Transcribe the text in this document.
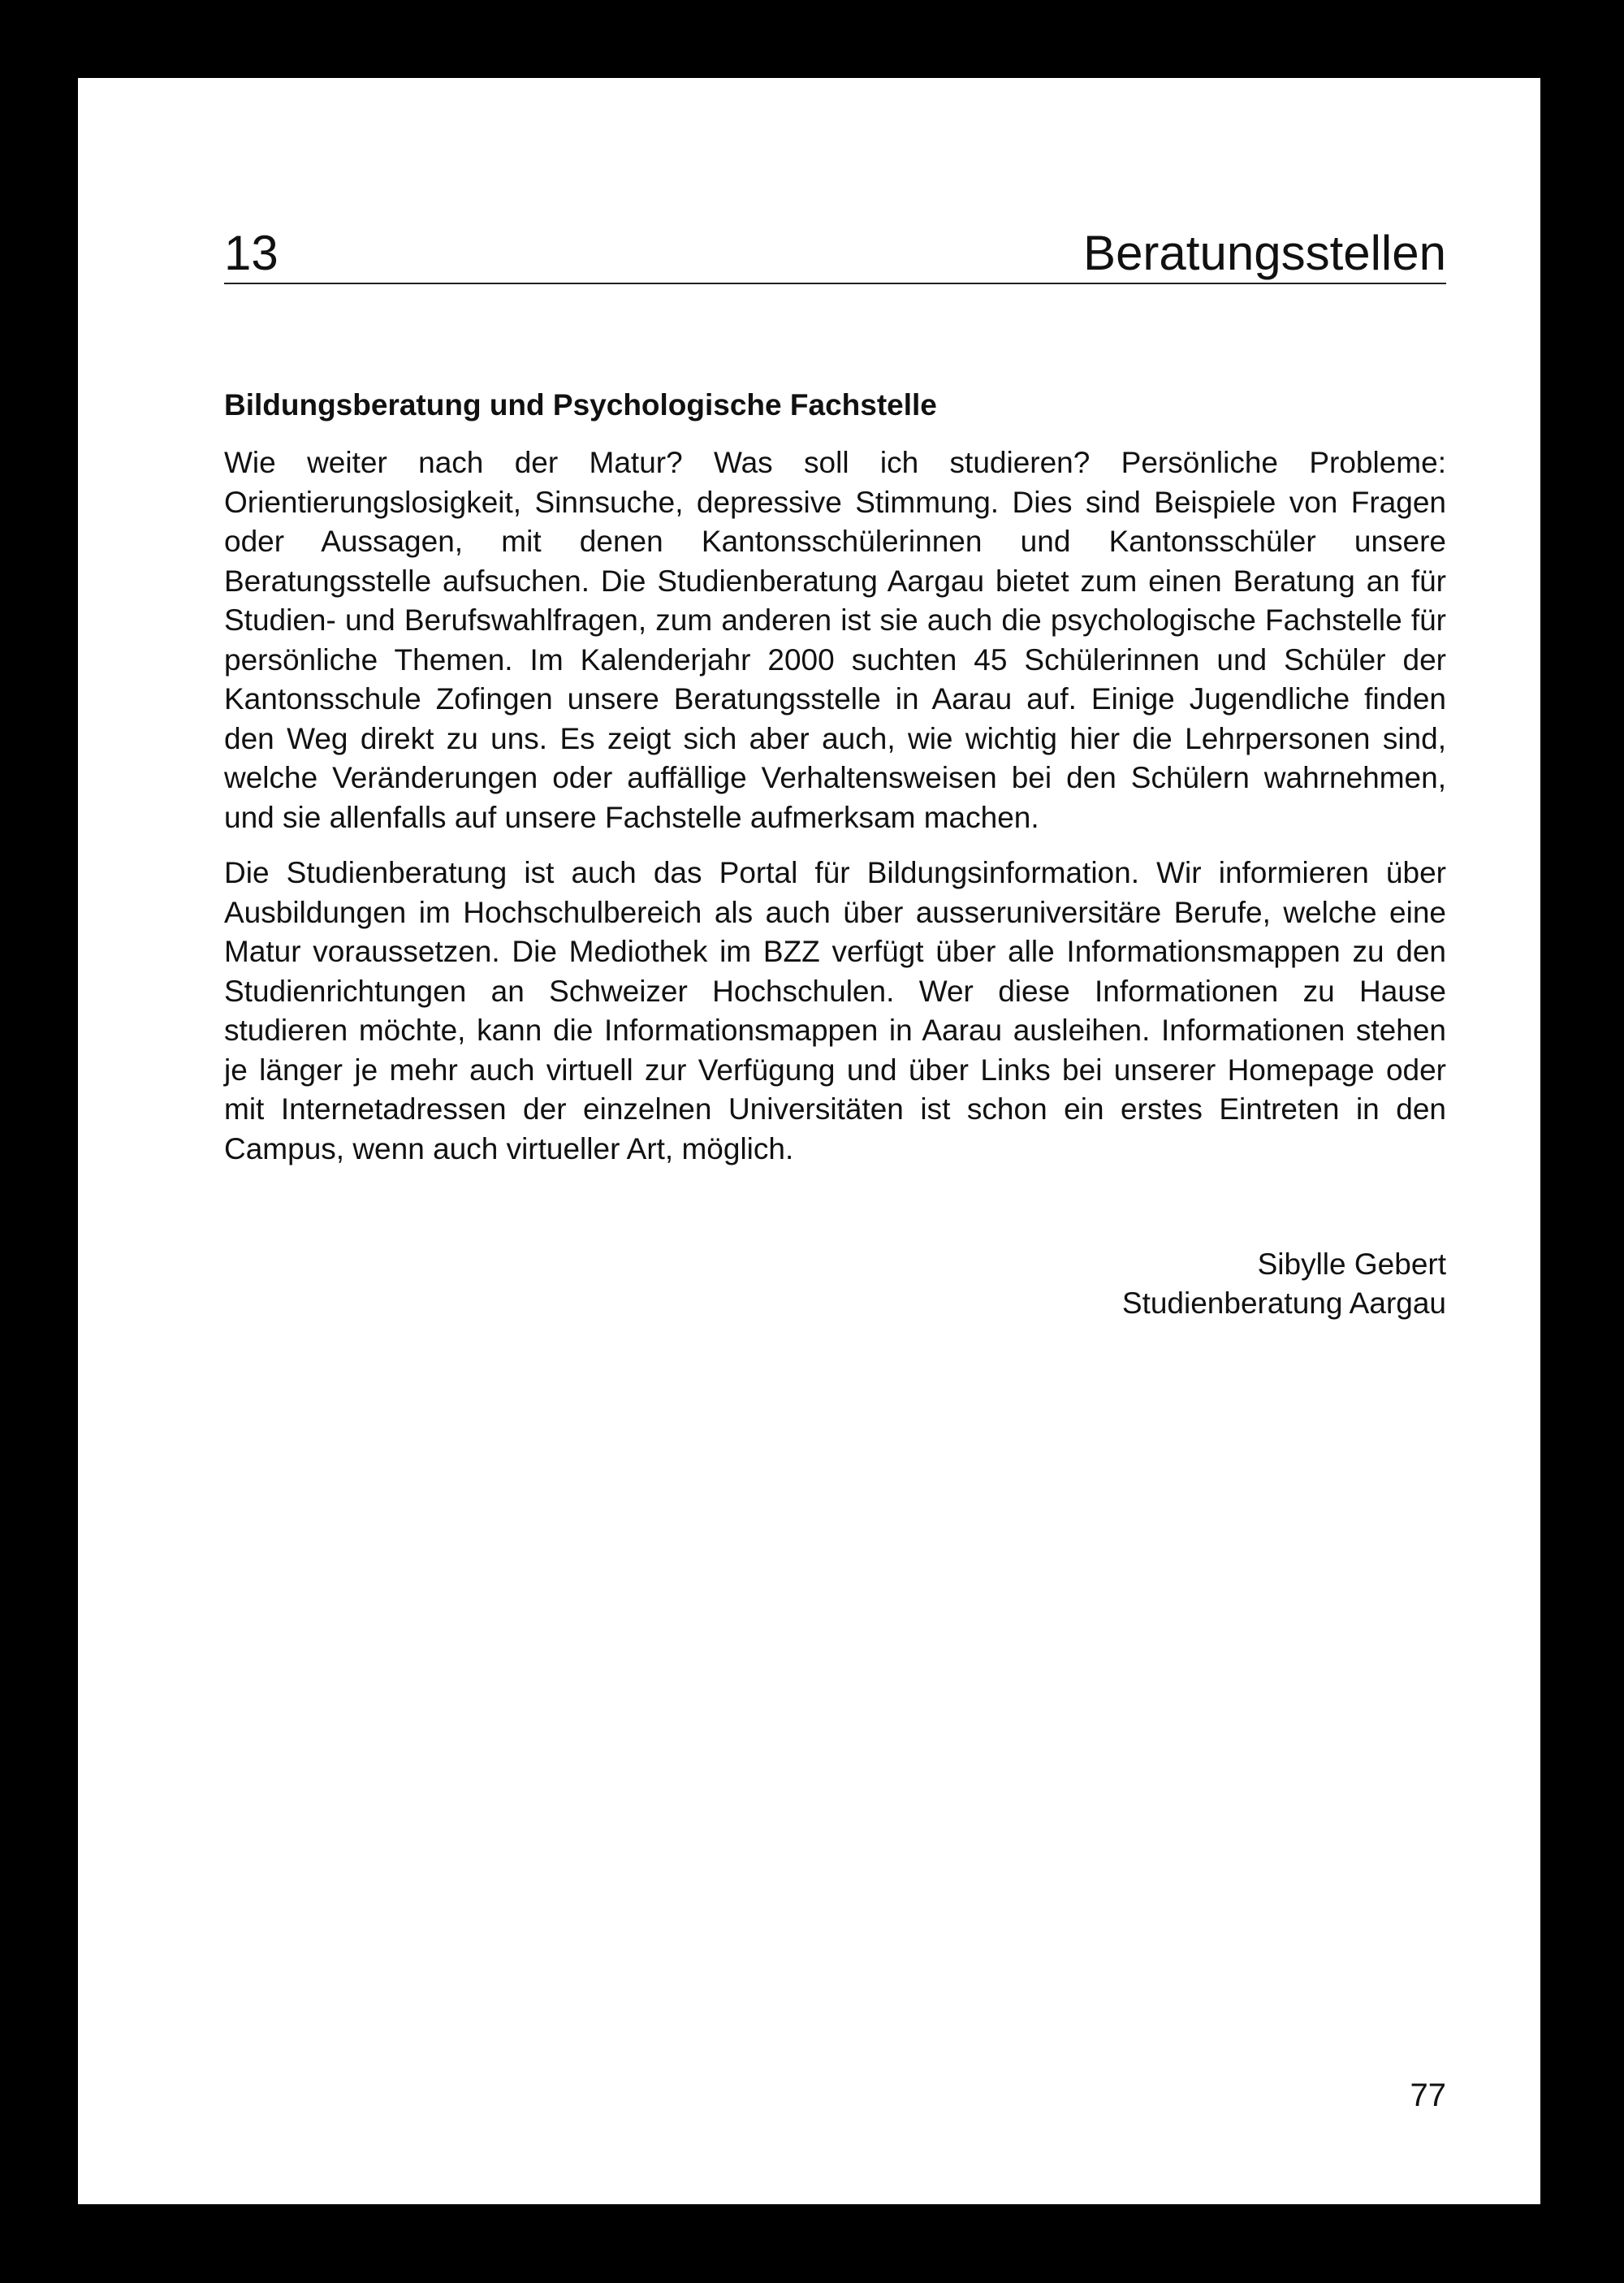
13	Beratungsstellen
Bildungsberatung und Psychologische Fachstelle

Wie weiter nach der Matur? Was soll ich studieren? Persönliche Probleme: Orientierungslosigkeit, Sinnsuche, depressive Stimmung. Dies sind Beispiele von Fragen oder Aussagen, mit denen Kantonsschülerinnen und Kantonsschüler unsere Beratungsstelle aufsuchen. Die Studienberatung Aargau bietet zum einen Beratung an für Studien- und Berufswahlfragen, zum anderen ist sie auch die psychologische Fachstelle für persönliche Themen. Im Kalenderjahr 2000 suchten 45 Schülerinnen und Schüler der Kantonsschule Zofingen unsere Beratungsstelle in Aarau auf. Einige Jugendliche finden den Weg direkt zu uns. Es zeigt sich aber auch, wie wichtig hier die Lehrpersonen sind, welche Veränderungen oder auffällige Verhaltensweisen bei den Schülern wahrnehmen, und sie allenfalls auf unsere Fachstelle aufmerksam machen.

Die Studienberatung ist auch das Portal für Bildungsinformation. Wir informieren über Ausbildungen im Hochschulbereich als auch über ausseruniversitäre Berufe, welche eine Matur voraussetzen. Die Mediothek im BZZ verfügt über alle Informationsmappen zu den Studienrichtungen an Schweizer Hochschulen. Wer diese Informationen zu Hause studieren möchte, kann die Informationsmappen in Aarau ausleihen. Informationen stehen je länger je mehr auch virtuell zur Verfügung und über Links bei unserer Homepage oder mit Internetadressen der einzelnen Universitäten ist schon ein erstes Eintreten in den Campus, wenn auch virtueller Art, möglich.

Sibylle Gebert
Studienberatung Aargau
77
